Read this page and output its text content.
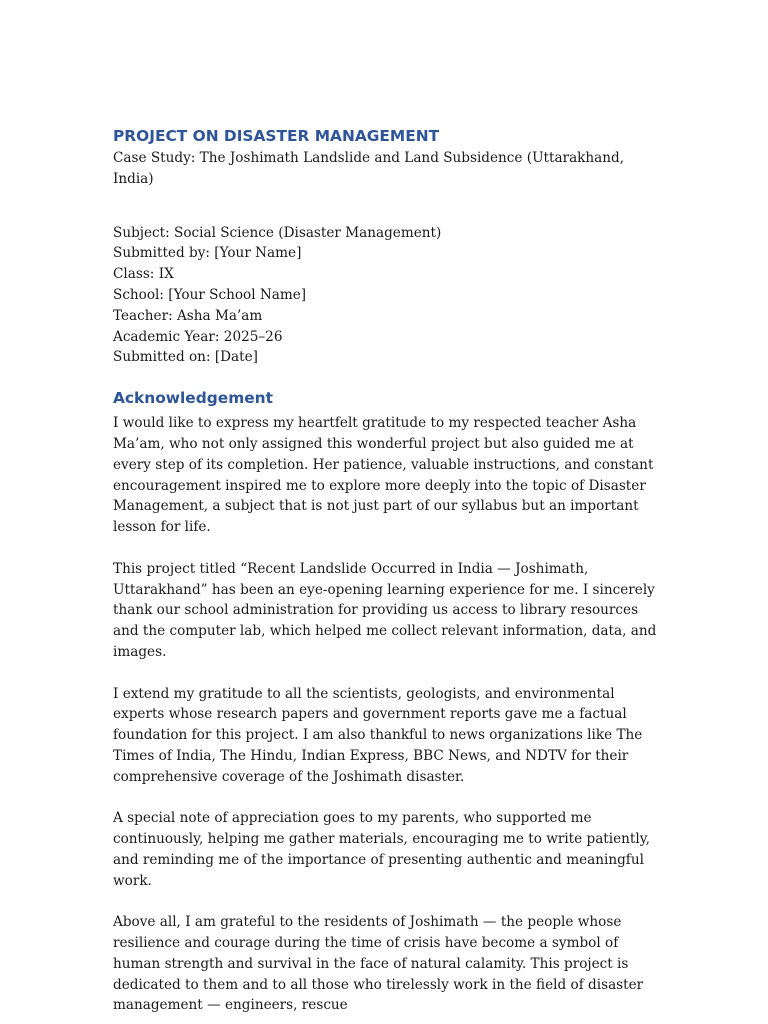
PROJECT ON DISASTER MANAGEMENT
Case Study: The Joshimath Landslide and Land Subsidence (Uttarakhand, India)
Subject: Social Science (Disaster Management)
Submitted by: [Your Name]
Class: IX
School: [Your School Name]
Teacher: Asha Ma’am
Academic Year: 2025–26
Submitted on: [Date]
Acknowledgement

I would like to express my heartfelt gratitude to my respected teacher Asha Ma’am, who not only assigned this wonderful project but also guided me at every step of its completion. Her patience, valuable instructions, and constant encouragement inspired me to explore more deeply into the topic of Disaster Management, a subject that is not just part of our syllabus but an important lesson for life.

This project titled “Recent Landslide Occurred in India — Joshimath, Uttarakhand” has been an eye-opening learning experience for me. I sincerely thank our school administration for providing us access to library resources and the computer lab, which helped me collect relevant information, data, and images.

I extend my gratitude to all the scientists, geologists, and environmental experts whose research papers and government reports gave me a factual foundation for this project. I am also thankful to news organizations like The Times of India, The Hindu, Indian Express, BBC News, and NDTV for their comprehensive coverage of the Joshimath disaster.

A special note of appreciation goes to my parents, who supported me continuously, helping me gather materials, encouraging me to write patiently, and reminding me of the importance of presenting authentic and meaningful work.

Above all, I am grateful to the residents of Joshimath — the people whose resilience and courage during the time of crisis have become a symbol of human strength and survival in the face of natural calamity. This project is dedicated to them and to all those who tirelessly work in the field of disaster management — engineers, rescue
